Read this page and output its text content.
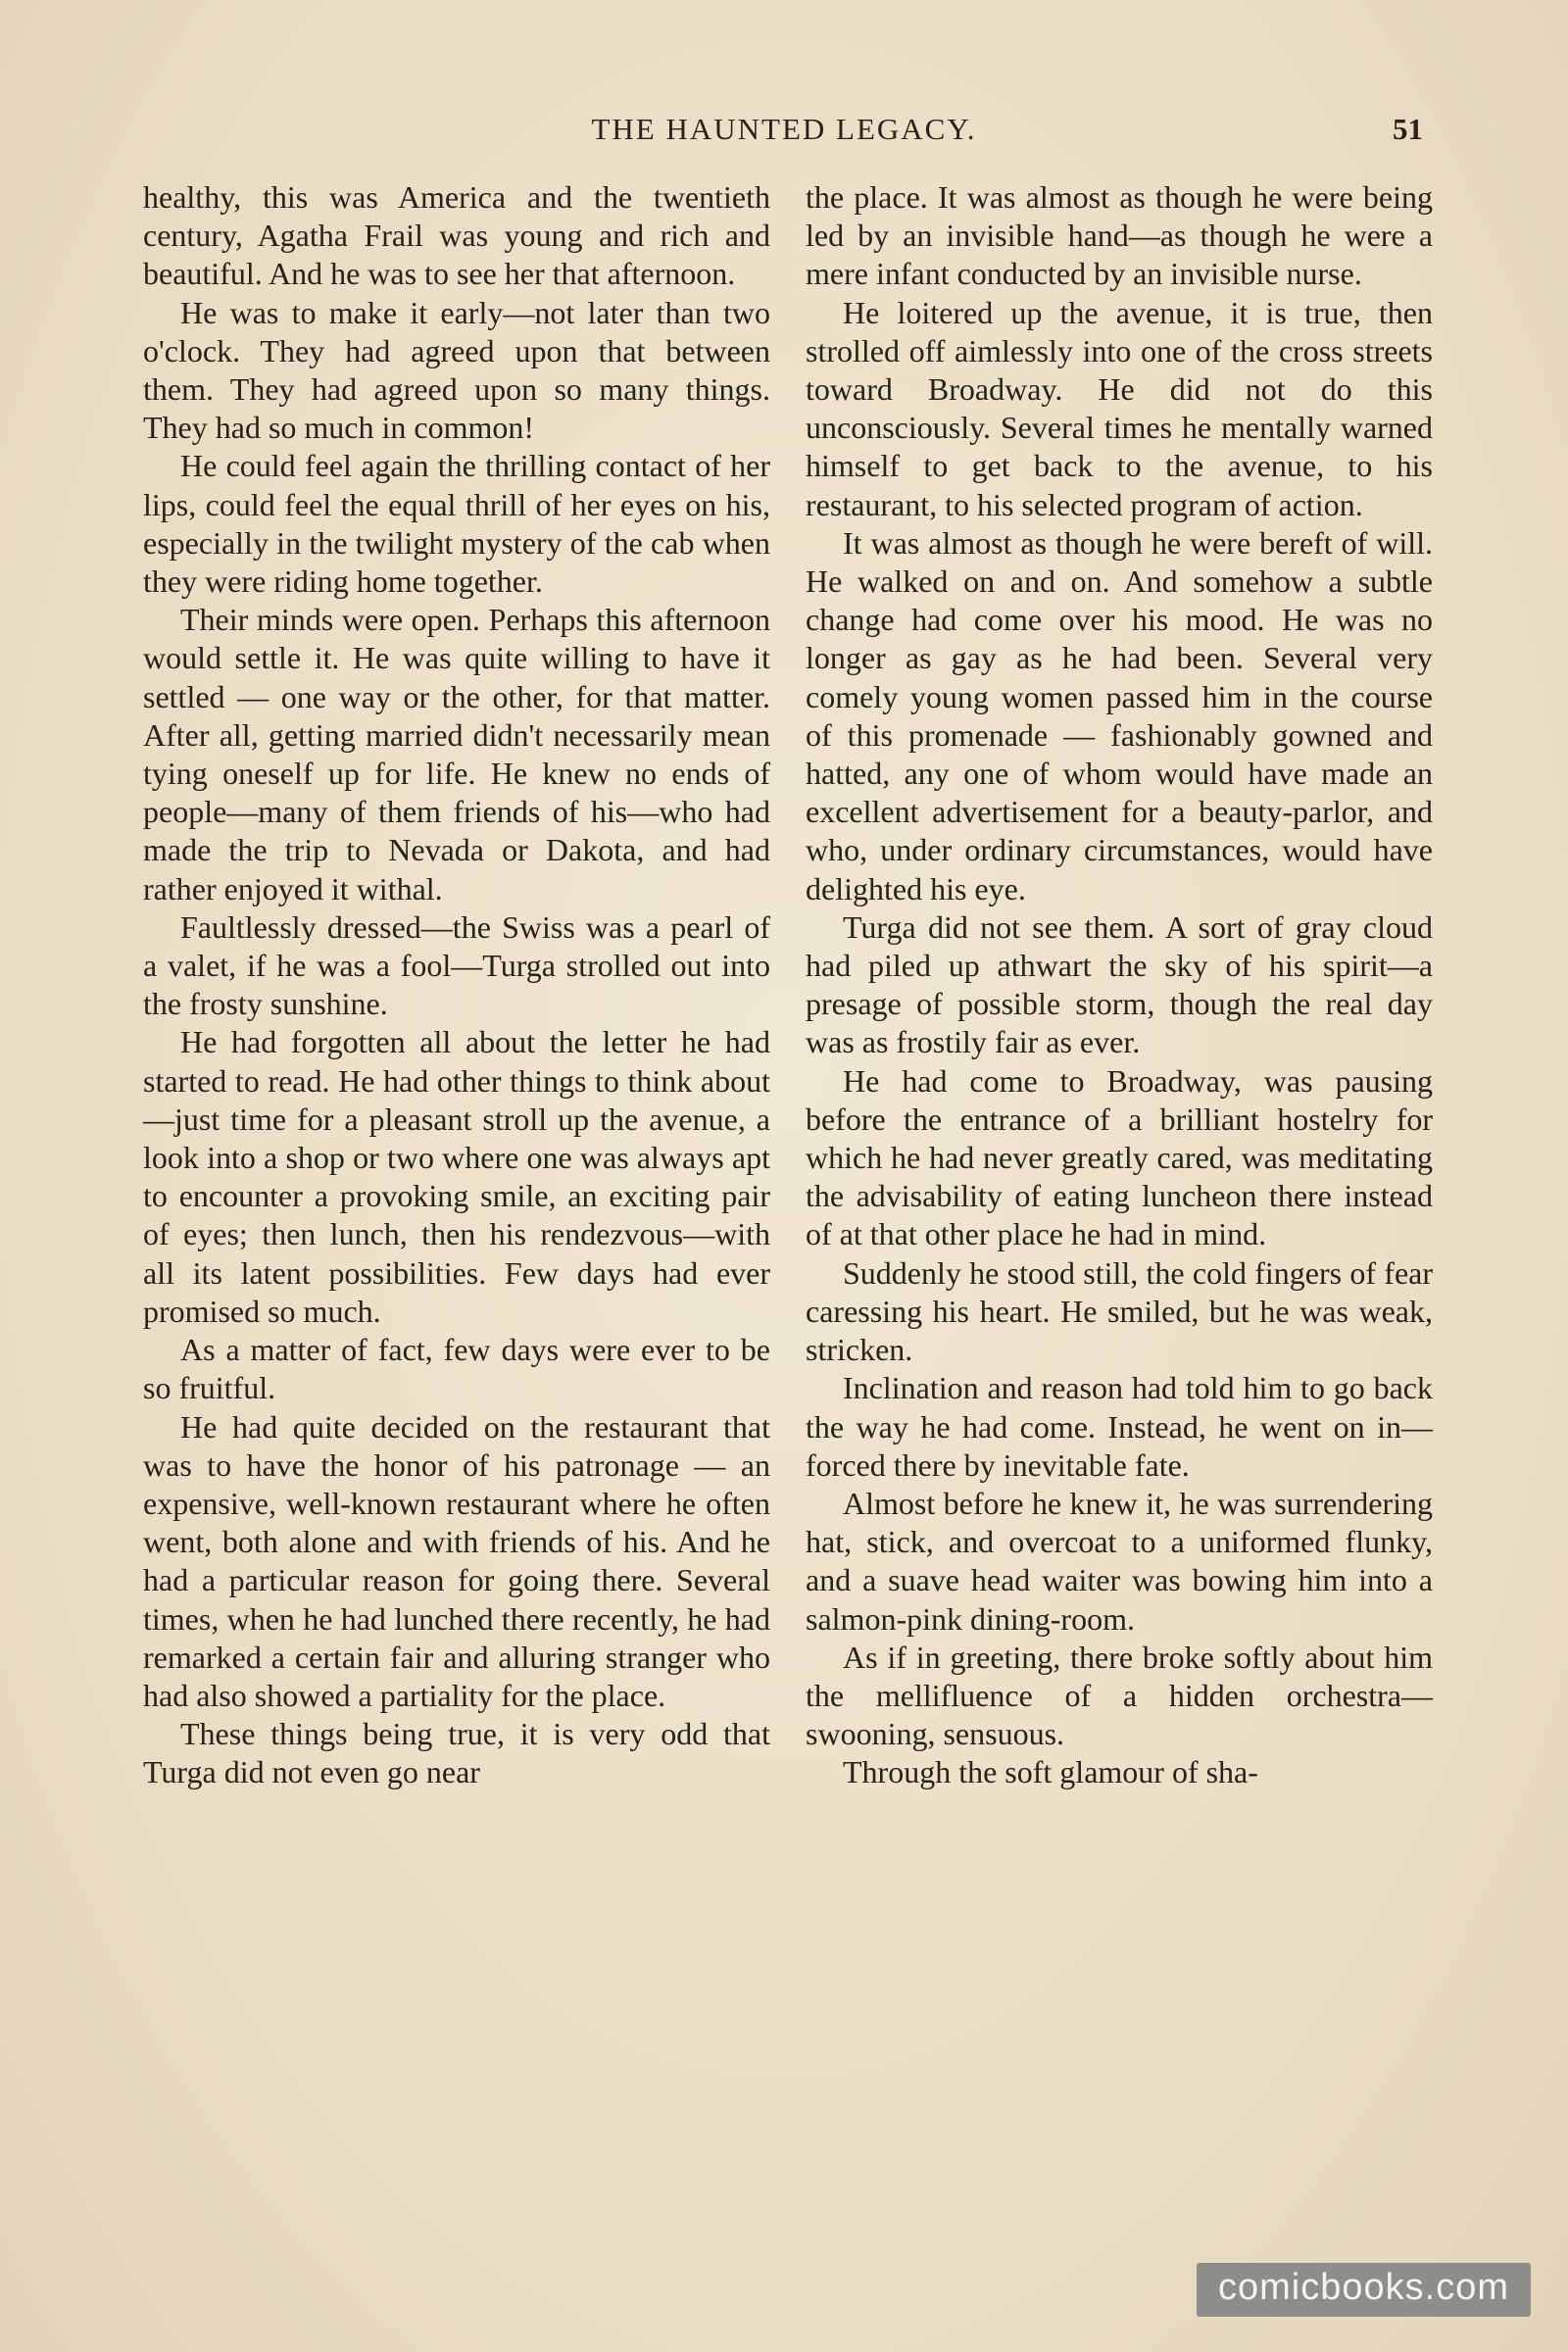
THE HAUNTED LEGACY.	51

healthy, this was America and the twentieth century, Agatha Frail was young and rich and beautiful. And he was to see her that afternoon.

He was to make it early—not later than two o'clock. They had agreed upon that between them. They had agreed upon so many things. They had so much in common!

He could feel again the thrilling contact of her lips, could feel the equal thrill of her eyes on his, especially in the twilight mystery of the cab when they were riding home together.

Their minds were open. Perhaps this afternoon would settle it. He was quite willing to have it settled — one way or the other, for that matter. After all, getting married didn't necessarily mean tying oneself up for life. He knew no ends of people—many of them friends of his—who had made the trip to Nevada or Dakota, and had rather enjoyed it withal.

Faultlessly dressed—the Swiss was a pearl of a valet, if he was a fool—Turga strolled out into the frosty sunshine.

He had forgotten all about the letter he had started to read. He had other things to think about—just time for a pleasant stroll up the avenue, a look into a shop or two where one was always apt to encounter a provoking smile, an exciting pair of eyes; then lunch, then his rendezvous—with all its latent possibilities. Few days had ever promised so much.

As a matter of fact, few days were ever to be so fruitful.

He had quite decided on the restaurant that was to have the honor of his patronage — an expensive, well-known restaurant where he often went, both alone and with friends of his. And he had a particular reason for going there. Several times, when he had lunched there recently, he had remarked a certain fair and alluring stranger who had also showed a partiality for the place.

These things being true, it is very odd that Turga did not even go near

the place. It was almost as though he were being led by an invisible hand—as though he were a mere infant conducted by an invisible nurse.

He loitered up the avenue, it is true, then strolled off aimlessly into one of the cross streets toward Broadway. He did not do this unconsciously. Several times he mentally warned himself to get back to the avenue, to his restaurant, to his selected program of action.

It was almost as though he were bereft of will. He walked on and on. And somehow a subtle change had come over his mood. He was no longer as gay as he had been. Several very comely young women passed him in the course of this promenade — fashionably gowned and hatted, any one of whom would have made an excellent advertisement for a beauty-parlor, and who, under ordinary circumstances, would have delighted his eye.

Turga did not see them. A sort of gray cloud had piled up athwart the sky of his spirit—a presage of possible storm, though the real day was as frostily fair as ever.

He had come to Broadway, was pausing before the entrance of a brilliant hostelry for which he had never greatly cared, was meditating the advisability of eating luncheon there instead of at that other place he had in mind.

Suddenly he stood still, the cold fingers of fear caressing his heart. He smiled, but he was weak, stricken.

Inclination and reason had told him to go back the way he had come. Instead, he went on in—forced there by inevitable fate.

Almost before he knew it, he was surrendering hat, stick, and overcoat to a uniformed flunky, and a suave head waiter was bowing him into a salmon-pink dining-room.

As if in greeting, there broke softly about him the mellifluence of a hidden orchestra—swooning, sensuous.

Through the soft glamour of sha-

comicbooks.com
